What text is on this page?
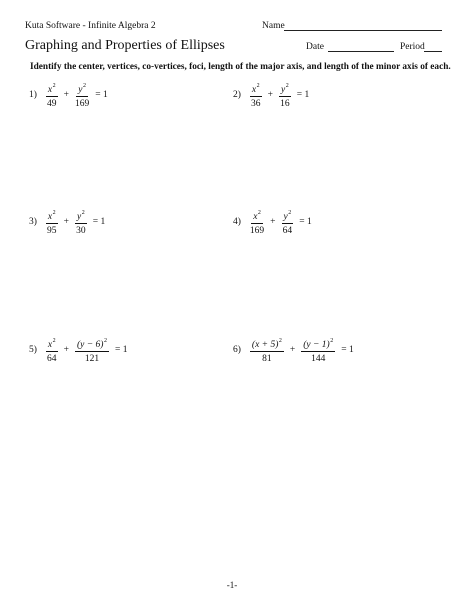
Kuta Software - Infinite Algebra 2	Name
Graphing and Properties of Ellipses	Date	Period
Identify the center, vertices, co-vertices, foci, length of the major axis, and length of the minor axis of each.
$1) \frac{x^2}{49} + \frac{y^2}{169} = 1$	$2) \frac{x^2}{36} + \frac{y^2}{16} = 1$
$3) \frac{x^2}{95} + \frac{y^2}{30} = 1$	$4) \frac{x^2}{169} + \frac{y^2}{64} = 1$
$5) \frac{x^2}{64} + \frac{(y - 6)^2}{121} = 1$	$6) \frac{(x + 5)^2}{81} + \frac{(y - 1)^2}{144} = 1$
-1-
